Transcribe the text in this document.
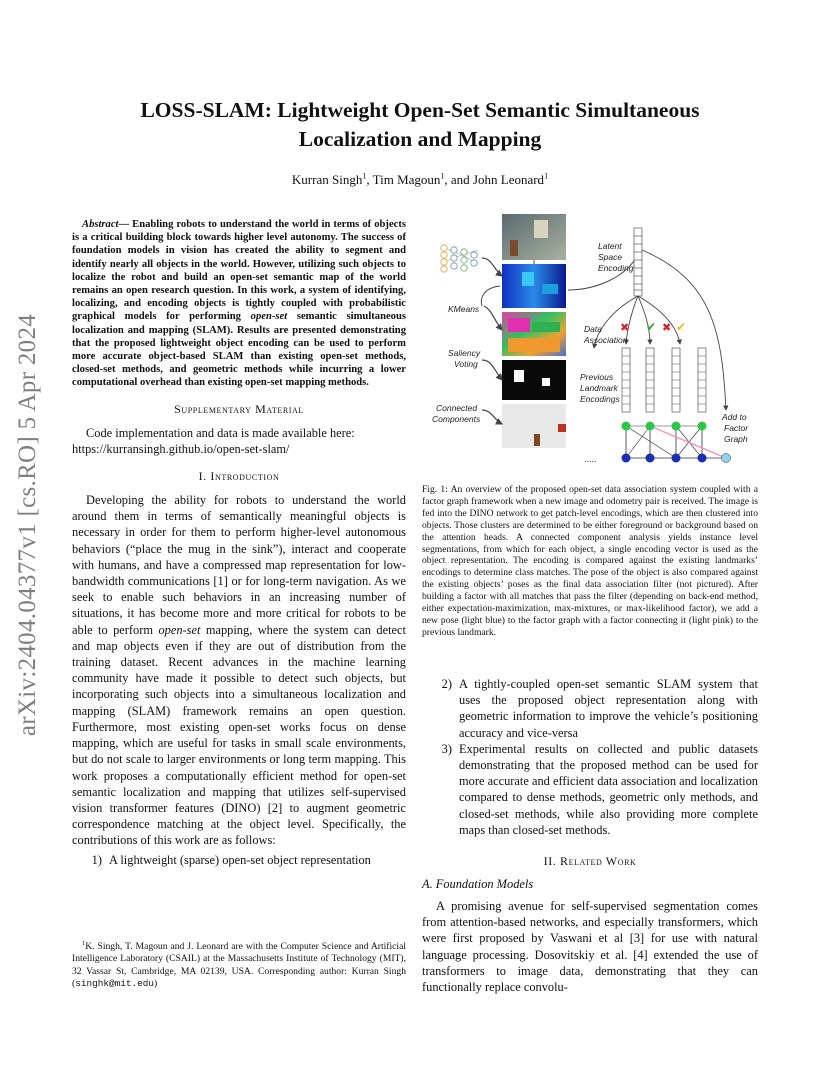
arXiv:2404.04377v1 [cs.RO] 5 Apr 2024
LOSS-SLAM: Lightweight Open-Set Semantic Simultaneous
Localization and Mapping
Kurran Singh$^1$, Tim Magoun$^1$, and John Leonard$^1$

Abstract— Enabling robots to understand the world in terms of objects is a critical building block towards higher level autonomy. The success of foundation models in vision has created the ability to segment and identify nearly all objects in the world. However, utilizing such objects to localize the robot and build an open-set semantic map of the world remains an open research question. In this work, a system of identifying, localizing, and encoding objects is tightly coupled with probabilistic graphical models for performing open-set semantic simultaneous localization and mapping (SLAM). Results are presented demonstrating that the proposed lightweight object encoding can be used to perform more accurate object-based SLAM than existing open-set methods, closed-set methods, and geometric methods while incurring a lower computational overhead than existing open-set mapping methods.

Supplementary Material

Code implementation and data is made available here:

https://kurransingh.github.io/open-set-slam/

I. Introduction

Developing the ability for robots to understand the world around them in terms of semantically meaningful objects is necessary in order for them to perform higher-level autonomous behaviors (“place the mug in the sink”), interact and cooperate with humans, and have a compressed map representation for low-bandwidth communications [1] or for long-term navigation. As we seek to enable such behaviors in an increasing number of situations, it has become more and more critical for robots to be able to perform open-set mapping, where the system can detect and map objects even if they are out of distribution from the training dataset. Recent advances in the machine learning community have made it possible to detect such objects, but incorporating such objects into a simultaneous localization and mapping (SLAM) framework remains an open question. Furthermore, most existing open-set works focus on dense mapping, which are useful for tasks in small scale environments, but do not scale to larger environments or long term mapping. This work proposes a computationally efficient method for open-set semantic localization and mapping that utilizes self-supervised vision transformer features (DINO) [2] to augment geometric correspondence matching at the object level. Specifically, the contributions of this work are as follows:

1) A lightweight (sparse) open-set object representation
$^1$K. Singh, T. Magoun and J. Leonard are with the Computer Science and Artificial Intelligence Laboratory (CSAIL) at the Massachusetts Institute of Technology (MIT), 32 Vassar St, Cambridge, MA 02139, USA. Corresponding author: Kurran Singh (singhk@mit.edu)
KMeans
Saliency
Voting
Connected
Components
Latent
Space
Encoding
✖ ✔ ✖ ✔
Data
Association
Previous
Landmark
Encodings
.....
Add to
Factor
Graph
Fig. 1: An overview of the proposed open-set data association system coupled with a factor graph framework when a new image and odometry pair is received. The image is fed into the DINO network to get patch-level encodings, which are then clustered into objects. Those clusters are determined to be either foreground or background based on the attention heads. A connected component analysis yields instance level segmentations, from which for each object, a single encoding vector is used as the object representation. The encoding is compared against the existing landmarks’ encodings to determine class matches. The pose of the object is also compared against the existing objects’ poses as the final data association filter (not pictured). After building a factor with all matches that pass the filter (depending on back-end method, either expectation-maximization, max-mixtures, or max-likelihood factor), we add a new pose (light blue) to the factor graph with a factor connecting it (light pink) to the previous landmark.
2) A tightly-coupled open-set semantic SLAM system that uses the proposed object representation along with geometric information to improve the vehicle’s positioning accuracy and vice-versa
3) Experimental results on collected and public datasets demonstrating that the proposed method can be used for more accurate and efficient data association and localization compared to dense methods, geometric only methods, and closed-set methods, while also providing more complete maps than closed-set methods.
II. Related Work
A. Foundation Models

A promising avenue for self-supervised segmentation comes from attention-based networks, and especially transformers, which were first proposed by Vaswani et al [3] for use with natural language processing. Dosovitskiy et al. [4] extended the use of transformers to image data, demonstrating that they can functionally replace convolu-
